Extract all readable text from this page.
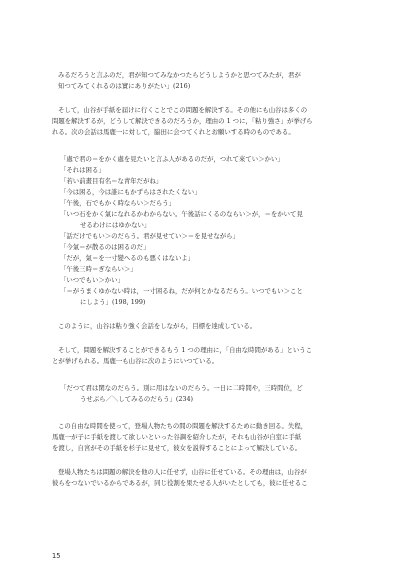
みるだろうと言ふのだ，君が知つてみなかつたらどうしようかと思つてみたが，君が

知つてみてくれるのは實にありがたい」(216)

そして，山谷が手紙を届けに行くことでこの問題を解決する。その他にも山谷は多くの

問題を解決するが，どうして解決できるのだろうか，理由の 1 つに，「粘り強さ」が挙げら

れる。次の会話は馬鹿一に対して，脇田に会つてくれとお願いする時のものである。

「處で君の＝をかく處を見たいと言ふ人があるのだが，つれて來てい＞かい」

「それは困る」

「若い前畫目有名＝な青年だがね」

「今は困る，今は誰にもかずらはされたくない」

「午後，石でもかく時ならい＞だらう」

「いつ石をかく氣になれるかわからない。午後話にくるのならい＞が，＝をかいて見

せるわけにはゆかない」

「話だけでもい＞のだらう。君が見せてい＞＝を見せながら」

「今氣＝が散るのは困るのだ」

「だが，氣＝を一寸變へるのも悪くはないよ」

「午後三時＝ぎならい＞」

「いつでもい＞かい」

「＝がうまくゆかない時は，一寸困るね，だが何とかなるだらう。いつでもい＞こと

にしよう」(198, 199)

このように，山谷は粘り強く会話をしながら，目標を達成している。

そして，問題を解決することができるもう 1 つの理由に，「自由な時間がある」というこ

とが挙げられる。馬鹿一も山谷に次のようにいつている。

「だつて君は閑なのだらう。別に用はないのだらう。一日に二時間や，三時間位，ど

うせぶら／＼してみるのだらう」(234)

この自由な時間を使って，登場人物たちの間の問題を解決するために動き回る。失程，

馬鹿一が子に手紙を渡して欲しいといった谷調を紹介したが，それも山谷が自室に手紙

を渡し，自宮がその手紙を杉子に見せて，彼女を説得することによって解決している。

登場人物たちは問題の解決を他の人に任せず，山谷に任せている。その理由は，山谷が

彼らをつないでいるからであるが，同じ役割を果たせる人がいたとしても，彼に任せるこ

15
